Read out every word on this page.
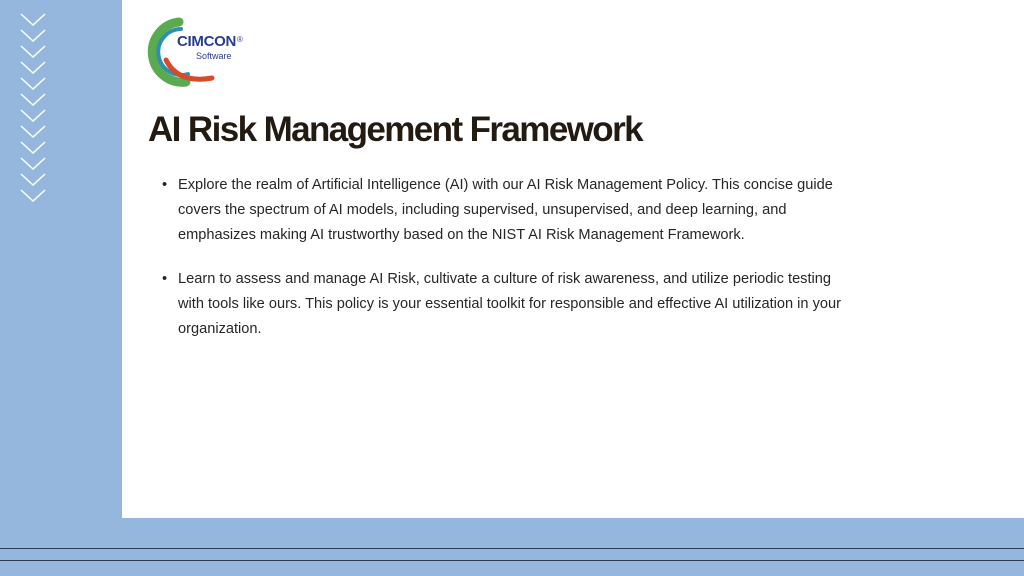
CIMCON®
Software
AI Risk Management Framework
• Explore the realm of Artificial Intelligence (AI) with our AI Risk Management Policy. This concise guide covers the spectrum of AI models, including supervised, unsupervised, and deep learning, and emphasizes making AI trustworthy based on the NIST AI Risk Management Framework.
• Learn to assess and manage AI Risk, cultivate a culture of risk awareness, and utilize periodic testing with tools like ours. This policy is your essential toolkit for responsible and effective AI utilization in your organization.
